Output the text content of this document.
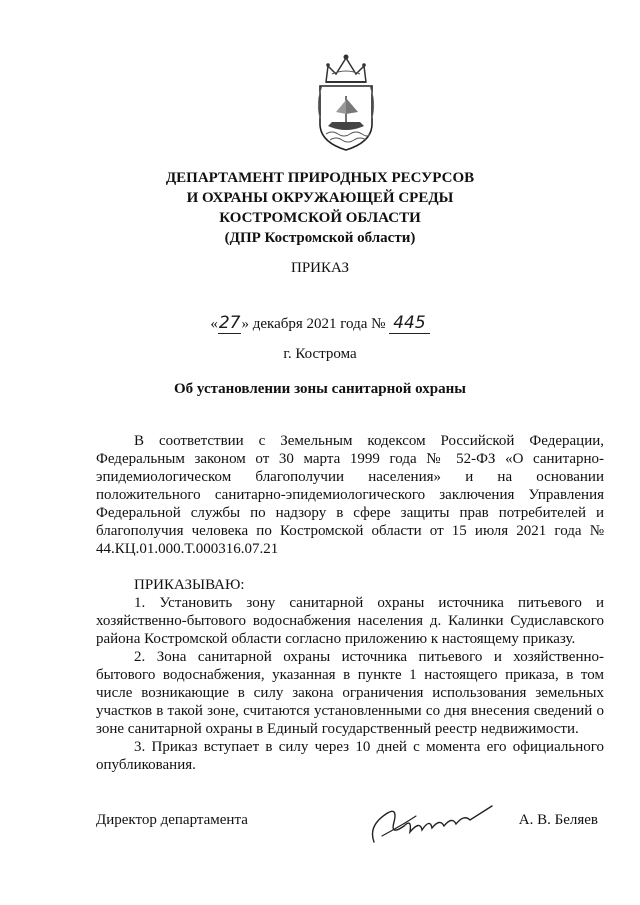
ДЕПАРТАМЕНТ ПРИРОДНЫХ РЕСУРСОВ
И ОХРАНЫ ОКРУЖАЮЩЕЙ СРЕДЫ
КОСТРОМСКОЙ ОБЛАСТИ
(ДПР Костромской области)
ПРИКАЗ
«27» декабря 2021 года № 445
г. Кострома
Об установлении зоны санитарной охраны

В соответствии с Земельным кодексом Российской Федерации, Федеральным законом от 30 марта 1999 года № 52-ФЗ «О санитарно-эпидемиологическом благополучии населения» и на основании положительного санитарно-эпидемиологического заключения Управления Федеральной службы по надзору в сфере защиты прав потребителей и благополучия человека по Костромской области от 15 июля 2021 года № 44.КЦ.01.000.Т.000316.07.21

ПРИКАЗЫВАЮ:

1. Установить зону санитарной охраны источника питьевого и хозяйственно-бытового водоснабжения населения д. Калинки Судиславского района Костромской области согласно приложению к настоящему приказу.

2. Зона санитарной охраны источника питьевого и хозяйственно-бытового водоснабжения, указанная в пункте 1 настоящего приказа, в том числе возникающие в силу закона ограничения использования земельных участков в такой зоне, считаются установленными со дня внесения сведений о зоне санитарной охраны в Единый государственный реестр недвижимости.

3. Приказ вступает в силу через 10 дней с момента его официального опубликования.

Директор департамента	А. В. Беляев
